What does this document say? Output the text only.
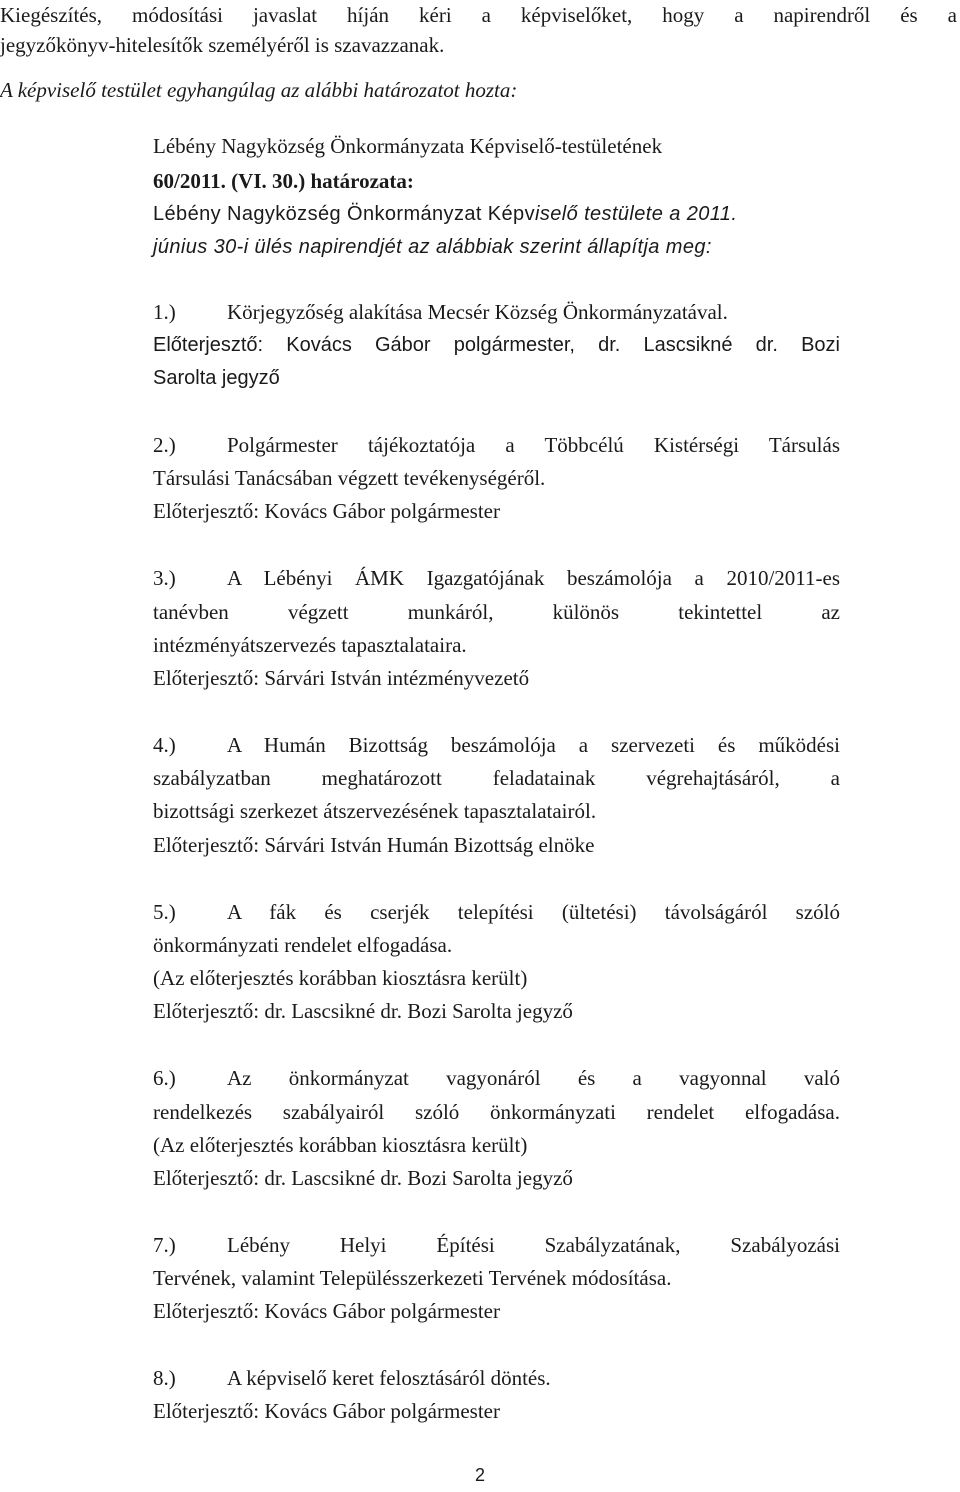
Kiegészítés, módosítási javaslat híján kéri a képviselőket, hogy a napirendről és a
jegyzőkönyv-hitelesítők személyéről is szavazzanak.
A képviselő testület egyhangúlag az alábbi határozatot hozta:
Lébény Nagyközség Önkormányzata Képviselő-testületének
60/2011. (VI. 30.) határozata:
Lébény Nagyközség Önkormányzat Képviselő testülete a 2011.
június 30-i ülés napirendjét az alábbiak szerint állapítja meg:
1.) Körjegyzőség alakítása Mecsér Község Önkormányzatával.
Előterjesztő: Kovács Gábor polgármester, dr. Lascsikné dr. Bozi
Sarolta jegyző
2.)	Polgármester tájékoztatója a Többcélú Kistérségi Társulás
Társulási Tanácsában végzett tevékenységéről.
Előterjesztő: Kovács Gábor polgármester
3.)	A Lébényi ÁMK Igazgatójának beszámolója a 2010/2011-es
tanévben végzett munkáról, különös tekintettel az
intézményátszervezés tapasztalataira.
Előterjesztő: Sárvári István intézményvezető
4.)	A Humán Bizottság beszámolója a szervezeti és működési
szabályzatban meghatározott feladatainak végrehajtásáról, a
bizottsági szerkezet átszervezésének tapasztalatairól.
Előterjesztő: Sárvári István Humán Bizottság elnöke
5.)	A fák és cserjék telepítési (ültetési) távolságáról szóló
önkormányzati rendelet elfogadása.
(Az előterjesztés korábban kiosztásra került)
Előterjesztő: dr. Lascsikné dr. Bozi Sarolta jegyző
6.)	Az önkormányzat vagyonáról és a vagyonnal való
rendelkezés szabályairól szóló önkormányzati rendelet elfogadása.
(Az előterjesztés korábban kiosztásra került)
Előterjesztő: dr. Lascsikné dr. Bozi Sarolta jegyző
7.)	Lébény Helyi Építési Szabályzatának, Szabályozási
Tervének, valamint Településszerkezeti Tervének módosítása.
Előterjesztő: Kovács Gábor polgármester
8.) A képviselő keret felosztásáról döntés.
Előterjesztő: Kovács Gábor polgármester
2
